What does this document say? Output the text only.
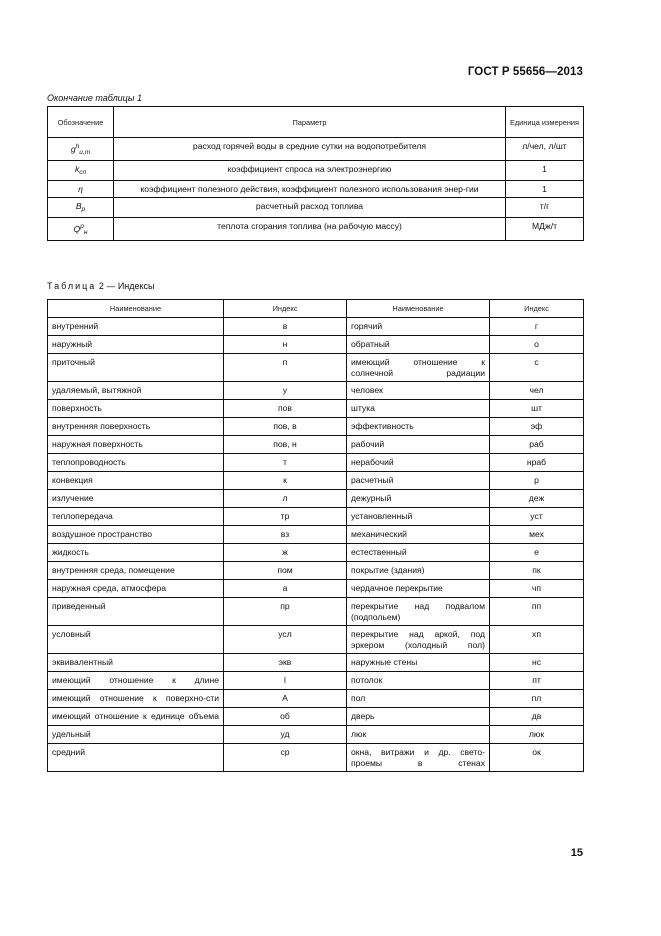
ГОСТ Р 55656—2013
Окончание таблицы 1
Обозначение	Параметр	Единица измерения
$g^h_{u,m}$	расход горячей воды в средние сутки на водопотребителя	л/чел, л/шт
$k_{сп}$	коэффициент спроса на электроэнергию	1
η	коэффициент полезного действия, коэффициент полезного использования энер-гии	1
$B_р$	расчетный расход топлива	т/г
$Q^р_н$	теплота сгорания топлива (на рабочую массу)	МДж/т
Таблица 2 — Индексы
Наименование	Индекс	Наименование	Индекс
внутренний	в	горячий	г
наружный	н	обратный	о
приточный	п	имеющий отношение к солнечной радиации	с
удаляемый, вытяжной	у	человек	чел
поверхность	пов	штука	шт
внутренняя поверхность	пов, в	эффективность	эф
наружная поверхность	пов, н	рабочий	раб
теплопроводность	т	нерабочий	нраб
конвекция	к	расчетный	р
излучение	л	дежурный	деж
теплопередача	тр	установленный	уст
воздушное пространство	вз	механический	мех
жидкость	ж	естественный	е
внутренняя среда, помещение	пом	покрытие (здания)	пк
наружная среда, атмосфера	а	чердачное перекрытие	чп
приведенный	пр	перекрытие над подвалом (подпольем)	пп
условный	усл	перекрытие над аркой, под эркером (холодный пол)	хп
эквивалентный	экв	наружные стены	нс
имеющий отношение к длине	l	потолок	пт
имеющий отношение к поверхно-сти	A	пол	пл
имеющий отношение к единице объема	об	дверь	дв
удельный	уд	люк	люк
средний	ср	окна, витражи и др. свето-проемы в стенах	ок
15
